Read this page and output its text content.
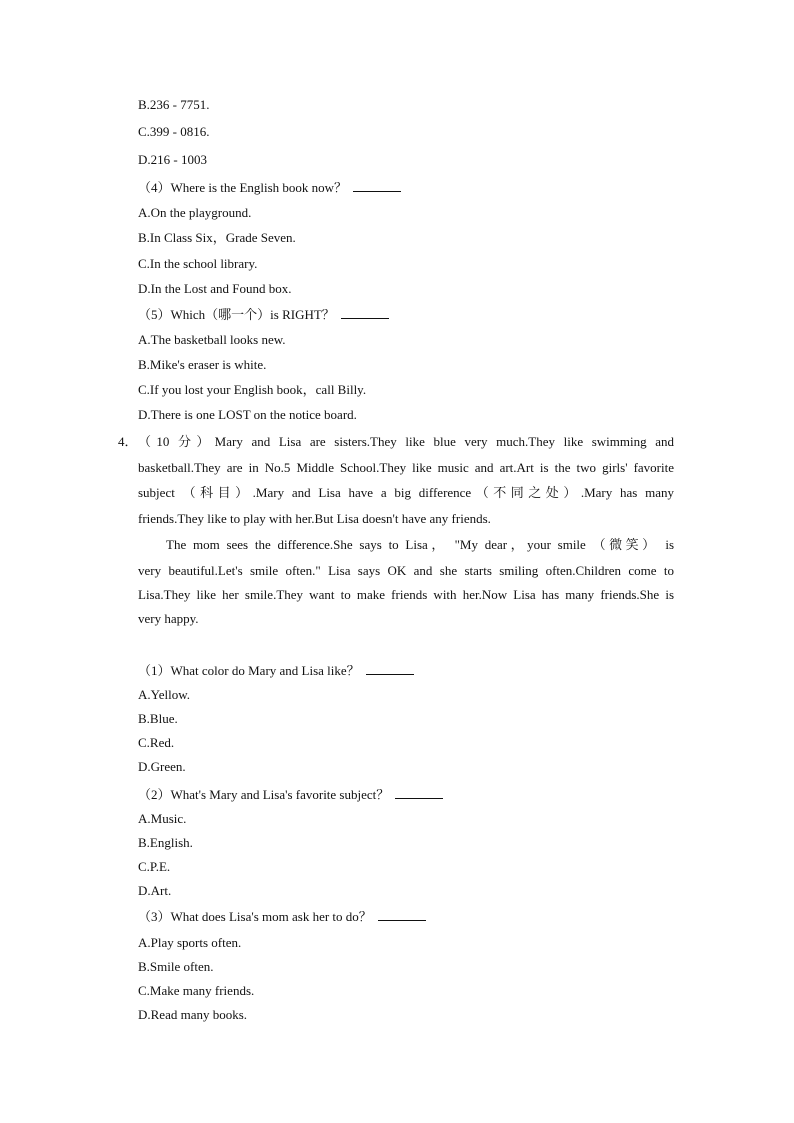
B.236 - 7751.
C.399 - 0816.
D.216 - 1003
（4）Where is the English book now？
A.On the playground.
B.In Class Six，Grade Seven.
C.In the school library.
D.In the Lost and Found box.
（5）Which（哪一个）is RIGHT？
A.The basketball looks new.
B.Mike's eraser is white.
C.If you lost your English book，call Billy.
D.There is one LOST on the notice board.
4． （10 分）Mary and Lisa are sisters.They like blue very much.They like swimming and
basketball.They are in No.5 Middle School.They like music and art.Art is the two girls' favorite
subject （科目）.Mary and Lisa have a big difference（不同之处）.Mary has many
friends.They like to play with her.But Lisa doesn't have any friends.
The mom sees the difference.She says to Lisa， "My dear，your smile （微笑） is
very beautiful.Let's smile often." Lisa says OK and she starts smiling often.Children come to
Lisa.They like her smile.They want to make friends with her.Now Lisa has many friends.She is
very happy.
（1）What color do Mary and Lisa like？
A.Yellow.
B.Blue.
C.Red.
D.Green.
（2）What's Mary and Lisa's favorite subject？
A.Music.
B.English.
C.P.E.
D.Art.
（3）What does Lisa's mom ask her to do？
A.Play sports often.
B.Smile often.
C.Make many friends.
D.Read many books.
